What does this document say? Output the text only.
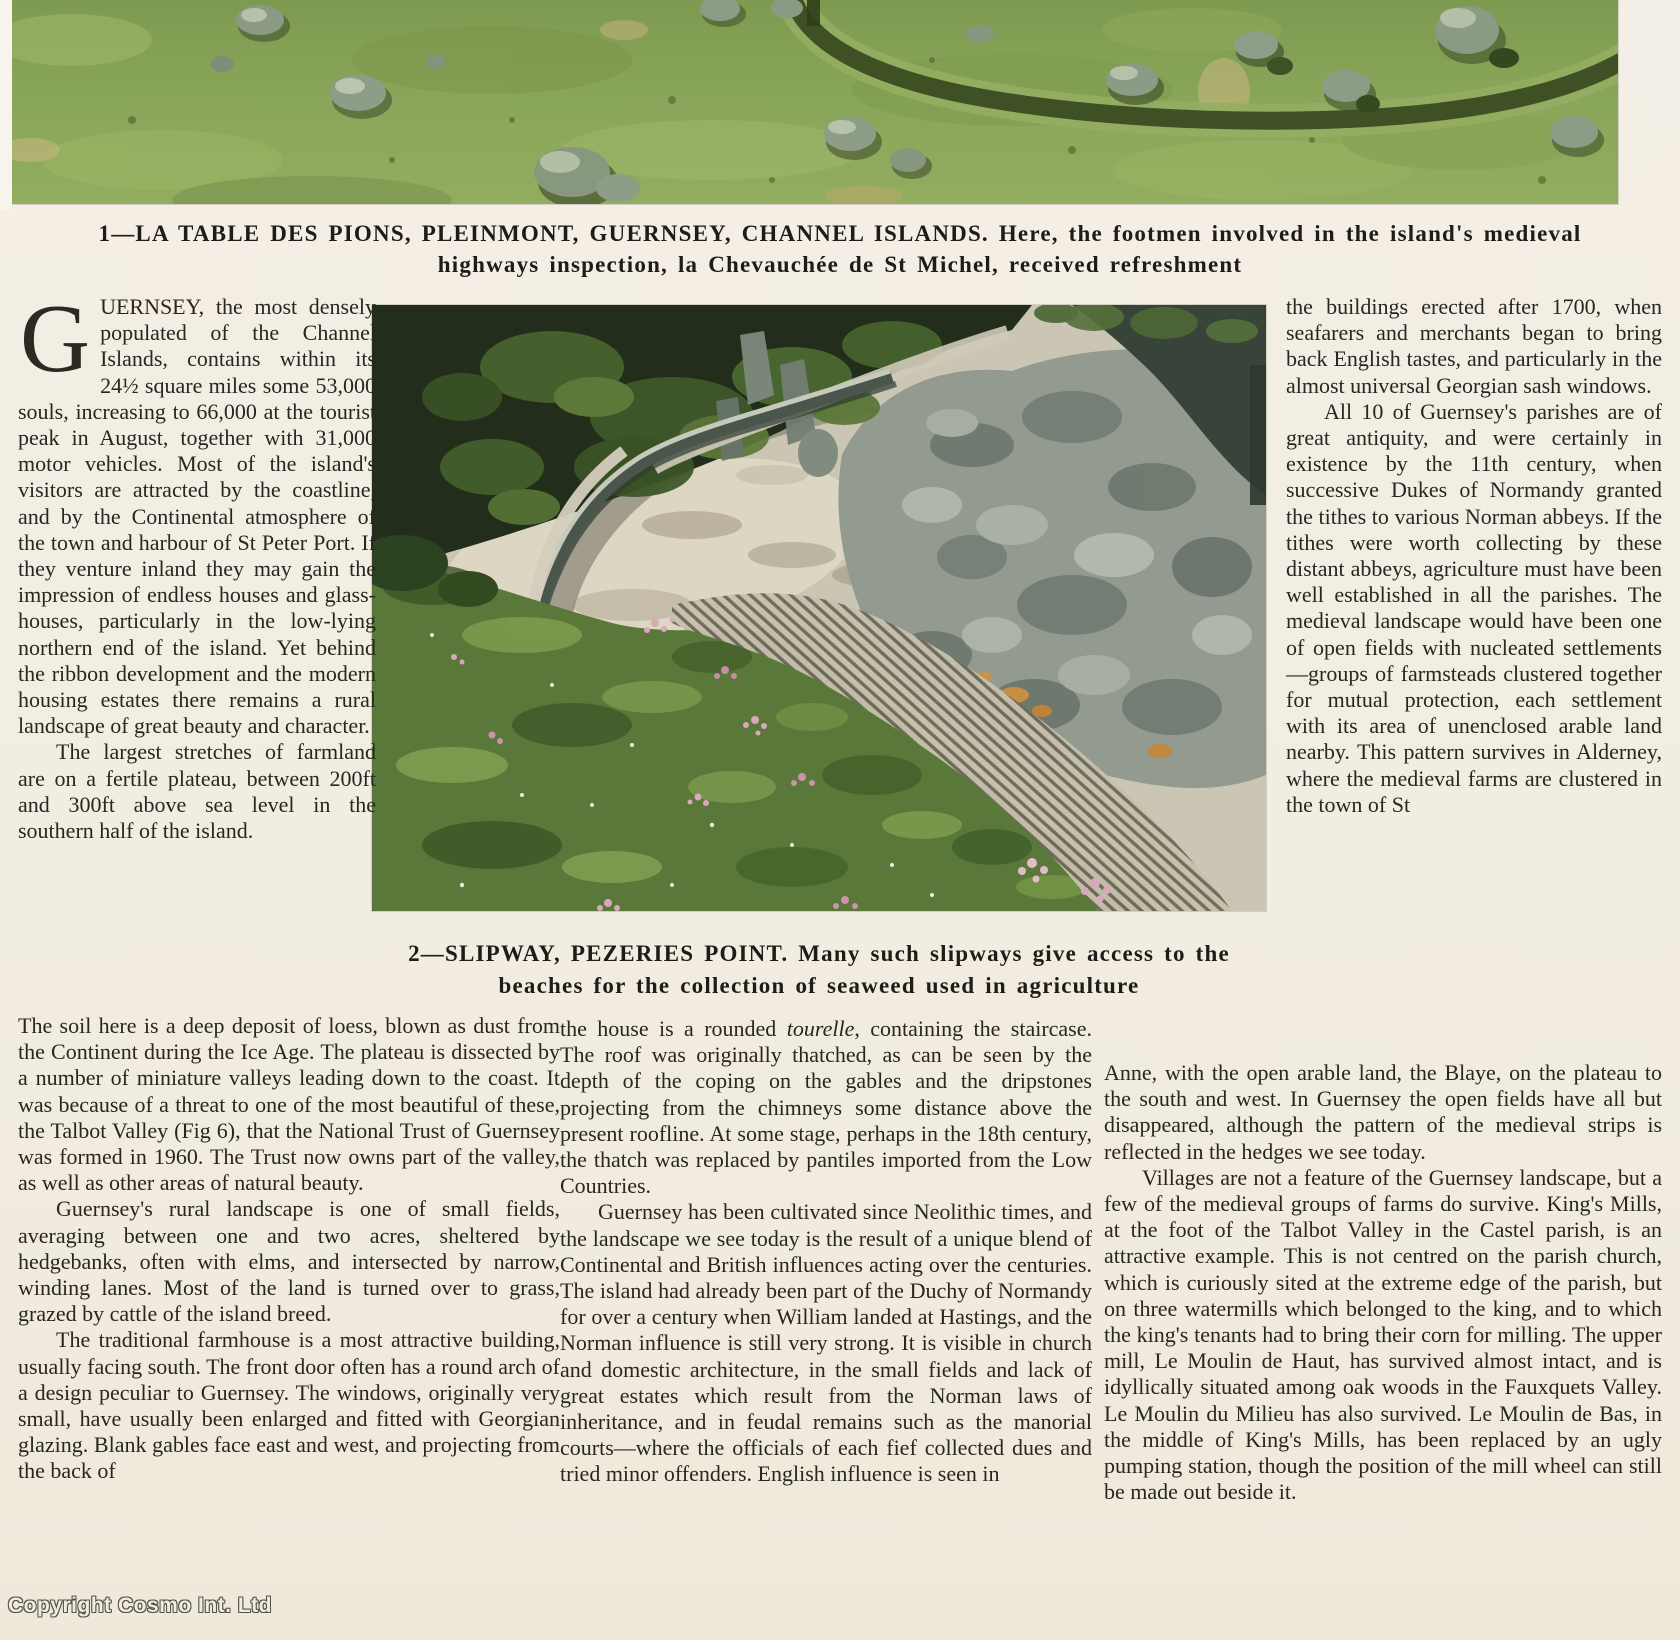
1—LA TABLE DES PIONS, PLEINMONT, GUERNSEY, CHANNEL ISLANDS. Here, the footmen involved in the island's medieval
highways inspection, la Chevauchée de St Michel, received refreshment
2—SLIPWAY, PEZERIES POINT. Many such slipways give access to the
beaches for the collection of seaweed used in agriculture

GUERNSEY, the most densely populated of the Channel Islands, contains within its 24½ square miles some 53,000 souls, increasing to 66,000 at the tourist peak in August, together with 31,000 motor vehicles. Most of the island's visitors are attracted by the coastline, and by the Continental atmosphere of the town and harbour of St Peter Port. If they venture inland they may gain the impression of endless houses and glass-houses, particularly in the low-lying northern end of the island. Yet behind the ribbon development and the modern housing estates there remains a rural landscape of great beauty and character.

The largest stretches of farmland are on a fertile plateau, between 200ft and 300ft above sea level in the southern half of the island.

The soil here is a deep deposit of loess, blown as dust from the Continent during the Ice Age. The plateau is dissected by a number of miniature valleys leading down to the coast. It was because of a threat to one of the most beautiful of these, the Talbot Valley (Fig 6), that the National Trust of Guernsey was formed in 1960. The Trust now owns part of the valley, as well as other areas of natural beauty.

Guernsey's rural landscape is one of small fields, averaging between one and two acres, sheltered by hedgebanks, often with elms, and intersected by narrow, winding lanes. Most of the land is turned over to grass, grazed by cattle of the island breed.

The traditional farmhouse is a most attractive building, usually facing south. The front door often has a round arch of a design peculiar to Guernsey. The windows, originally very small, have usually been enlarged and fitted with Georgian glazing. Blank gables face east and west, and projecting from the back of

the house is a rounded tourelle, containing the staircase. The roof was originally thatched, as can be seen by the depth of the coping on the gables and the dripstones projecting from the chimneys some distance above the present roofline. At some stage, perhaps in the 18th century, the thatch was replaced by pantiles imported from the Low Countries.

Guernsey has been cultivated since Neolithic times, and the landscape we see today is the result of a unique blend of Continental and British influences acting over the centuries. The island had already been part of the Duchy of Normandy for over a century when William landed at Hastings, and the Norman influence is still very strong. It is visible in church and domestic architecture, in the small fields and lack of great estates which result from the Norman laws of inheritance, and in feudal remains such as the manorial courts—where the officials of each fief collected dues and tried minor offenders. English influence is seen in

the buildings erected after 1700, when seafarers and merchants began to bring back English tastes, and particularly in the almost universal Georgian sash windows.

All 10 of Guernsey's parishes are of great antiquity, and were certainly in existence by the 11th century, when successive Dukes of Normandy granted the tithes to various Norman abbeys. If the tithes were worth collecting by these distant abbeys, agriculture must have been well established in all the parishes. The medieval landscape would have been one of open fields with nucleated settlements—groups of farmsteads clustered together for mutual protection, each settlement with its area of unenclosed arable land nearby. This pattern survives in Alderney, where the medieval farms are clustered in the town of St

Anne, with the open arable land, the Blaye, on the plateau to the south and west. In Guernsey the open fields have all but disappeared, although the pattern of the medieval strips is reflected in the hedges we see today.

Villages are not a feature of the Guernsey landscape, but a few of the medieval groups of farms do survive. King's Mills, at the foot of the Talbot Valley in the Castel parish, is an attractive example. This is not centred on the parish church, which is curiously sited at the extreme edge of the parish, but on three watermills which belonged to the king, and to which the king's tenants had to bring their corn for milling. The upper mill, Le Moulin de Haut, has survived almost intact, and is idyllically situated among oak woods in the Fauxquets Valley. Le Moulin du Milieu has also survived. Le Moulin de Bas, in the middle of King's Mills, has been replaced by an ugly pumping station, though the position of the mill wheel can still be made out beside it.

Copyright Cosmo Int. Ltd
